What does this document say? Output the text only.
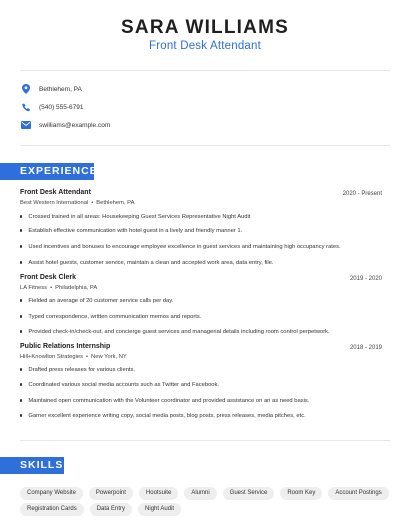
SARA WILLIAMS
Front Desk Attendant
Bethlehem, PA
(540) 555-6791
swilliams@example.com
EXPERIENCE
Front Desk Attendant	2020 - Present
Best Western International • Bethlehem, PA
Crossed trained in all areas: Housekeeping Guest Services Representative Night Audit
Establish effective communication with hotel guest in a lively and friendly manner 1.
Used incentives and bonuses to encourage employee excellence in guest services and maintaining high occupancy rates.
Assist hotel guests, customer service, maintain a clean and accepted work area, data entry, file.
Front Desk Clerk	2019 - 2020
LA Fitness • Philadelphia, PA
Fielded an average of 20 customer service calls per day.
Typed correspondence, written communication memos and reports.
Provided check-in/check-out, and concierge guest services and managerial details including room control perpetwork.
Public Relations Internship	2018 - 2019
Hill+Knowlton Strategies • New York, NY
Drafted press releases for various clients.
Coordinated various social media accounts such as Twitter and Facebook.
Maintained open communication with the Volunteer coordinator and provided assistance on an as need basis.
Garner excellent experience writing copy, social media posts, blog posts, press releases, media pitches, etc.
SKILLS
Company Website	Powerpoint	Hootsuite	Alumni	Guest Service	Room Key	Account Postings
Registration Cards	Data Entry	Night Audit
